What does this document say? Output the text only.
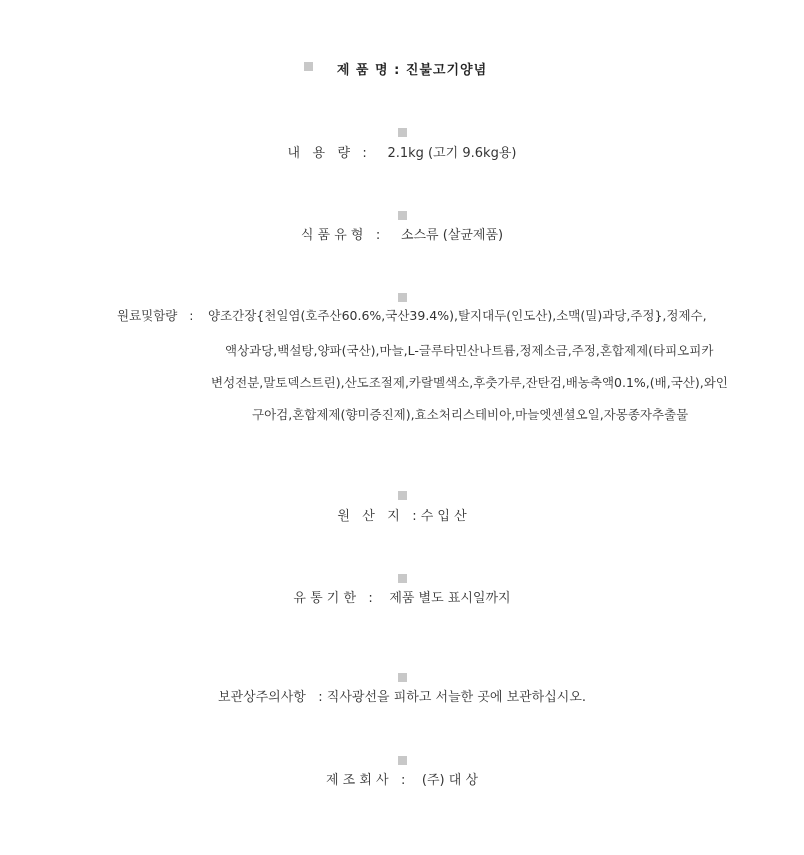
제 품 명 : 진불고기양념
내   용   량   : 2.1kg (고기 9.6kg용)
식 품 유 형   : 소스류 (살균제품)
원료및함량   : 양조간장{천일염(호주산60.6%,국산39.4%),탈지대두(인도산),소맥(밀)과당,주정},정제수,
액상과당,백설탕,양파(국산),마늘,L-글루타민산나트륨,정제소금,주정,혼합제제(타피오피카
변성전분,말토덱스트린),산도조절제,카랄멜색소,후춧가루,잔탄검,배농축액0.1%,(배,국산),와인
구아검,혼합제제(향미증진제),효소처리스테비아,마늘엣센셜오일,자몽종자추출물
원   산   지   : 수 입 산
유 통 기 한   : 제품 별도 표시일까지
보관상주의사항   : 직사광선을 피하고 서늘한 곳에 보관하십시오.
제 조 회 사   : (주) 대 상
